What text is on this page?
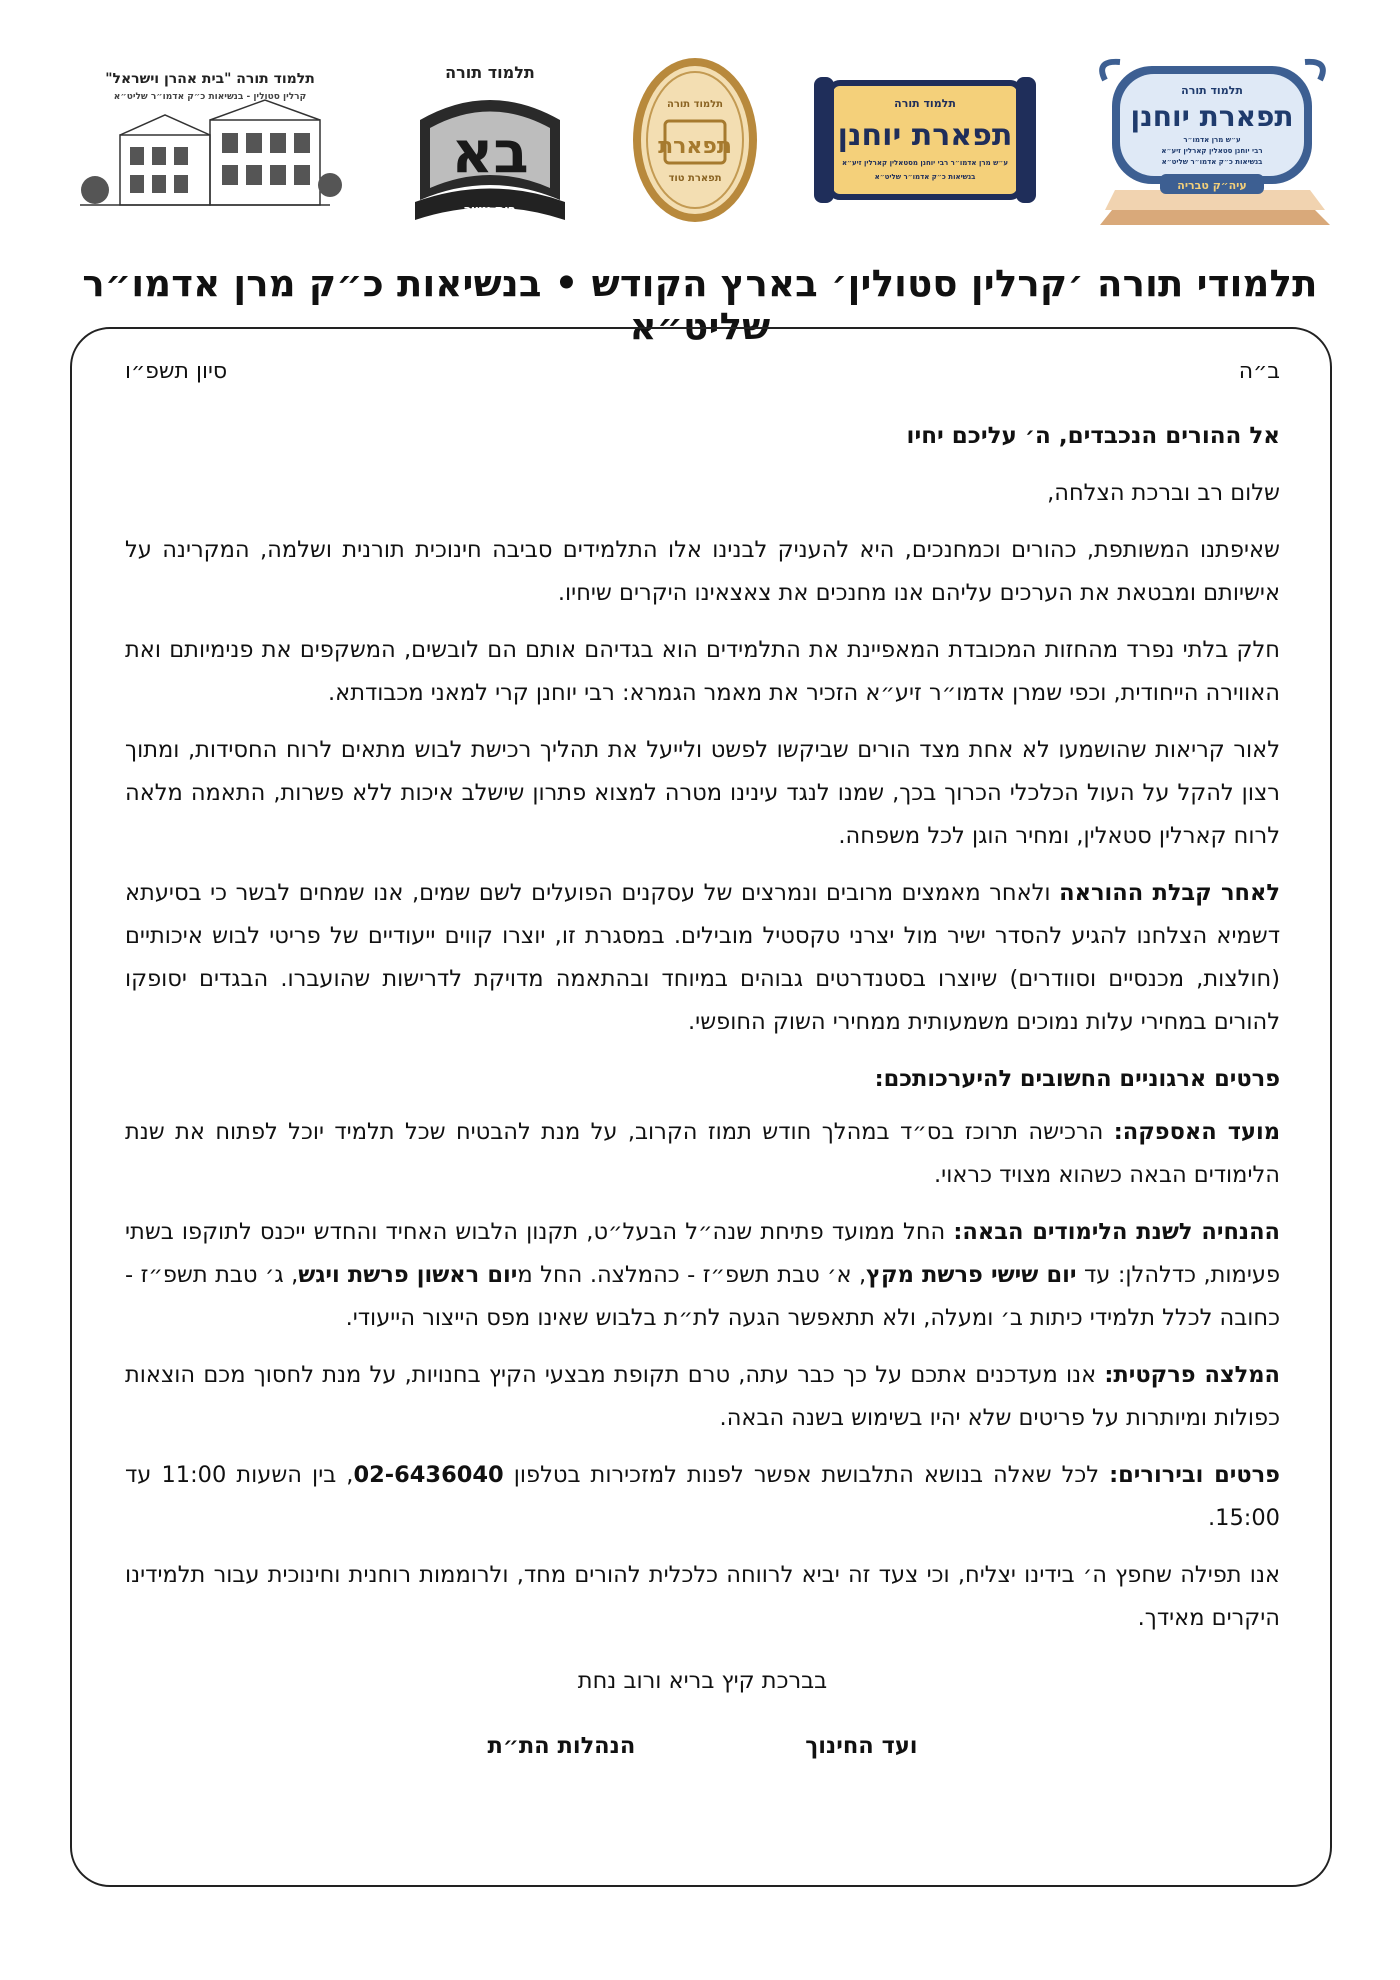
תלמוד תורה "בית אהרן וישראל"
קרלין סטולין - בנשיאות כ״ק אדמו״ר שליט״א
תלמוד תורה
בא
בית אשר
תלמוד תורה
תפארת
תפארת טוד
תלמוד תורה
תפארת יוחנן
ע״ש מרן אדמו״ר רבי יוחנן מסטאלין קארלין זיע״א
בנשיאות כ״ק אדמו״ר שליט״א
תלמוד תורה
תפארת יוחנן
ע״ש מרן אדמו״ר
רבי יוחנן סטאלין קארלין זיע״א
בנשיאות כ״ק אדמו״ר שליט״א
עיה״ק טבריה
תלמודי תורה ׳קרלין סטולין׳ בארץ הקודש • בנשיאות כ״ק מרן אדמו״ר שליט״א
ב״ה
סיון תשפ״ו
אל ההורים הנכבדים, ה׳ עליכם יחיו

שלום רב וברכת הצלחה,

שאיפתנו המשותפת, כהורים וכמחנכים, היא להעניק לבנינו אלו התלמידים סביבה חינוכית תורנית ושלמה, המקרינה על אישיותם ומבטאת את הערכים עליהם אנו מחנכים את צאצאינו היקרים שיחיו.

חלק בלתי נפרד מהחזות המכובדת המאפיינת את התלמידים הוא בגדיהם אותם הם לובשים, המשקפים את פנימיותם ואת האווירה הייחודית, וכפי שמרן אדמו״ר זיע״א הזכיר את מאמר הגמרא: רבי יוחנן קרי למאני מכבודתא.

לאור קריאות שהושמעו לא אחת מצד הורים שביקשו לפשט ולייעל את תהליך רכישת לבוש מתאים לרוח החסידות, ומתוך רצון להקל על העול הכלכלי הכרוך בכך, שמנו לנגד עינינו מטרה למצוא פתרון שישלב איכות ללא פשרות, התאמה מלאה לרוח קארלין סטאלין, ומחיר הוגן לכל משפחה.

לאחר קבלת ההוראה ולאחר מאמצים מרובים ונמרצים של עסקנים הפועלים לשם שמים, אנו שמחים לבשר כי בסיעתא דשמיא הצלחנו להגיע להסדר ישיר מול יצרני טקסטיל מובילים. במסגרת זו, יוצרו קווים ייעודיים של פריטי לבוש איכותיים (חולצות, מכנסיים וסוודרים) שיוצרו בסטנדרטים גבוהים במיוחד ובהתאמה מדויקת לדרישות שהועברו. הבגדים יסופקו להורים במחירי עלות נמוכים משמעותית ממחירי השוק החופשי.

פרטים ארגוניים החשובים להיערכותכם:

מועד האספקה: הרכישה תרוכז בס״ד במהלך חודש תמוז הקרוב, על מנת להבטיח שכל תלמיד יוכל לפתוח את שנת הלימודים הבאה כשהוא מצויד כראוי.

ההנחיה לשנת הלימודים הבאה: החל ממועד פתיחת שנה״ל הבעל״ט, תקנון הלבוש האחיד והחדש ייכנס לתוקפו בשתי פעימות, כדלהלן: עד יום שישי פרשת מקץ, א׳ טבת תשפ״ז - כהמלצה. החל מיום ראשון פרשת ויגש, ג׳ טבת תשפ״ז - כחובה לכלל תלמידי כיתות ב׳ ומעלה, ולא תתאפשר הגעה לת״ת בלבוש שאינו מפס הייצור הייעודי.

המלצה פרקטית: אנו מעדכנים אתכם על כך כבר עתה, טרם תקופת מבצעי הקיץ בחנויות, על מנת לחסוך מכם הוצאות כפולות ומיותרות על פריטים שלא יהיו בשימוש בשנה הבאה.

פרטים ובירורים: לכל שאלה בנושא התלבושת אפשר לפנות למזכירות בטלפון 02-6436040, בין השעות 11:00 עד 15:00.

אנו תפילה שחפץ ה׳ בידינו יצליח, וכי צעד זה יביא לרווחה כלכלית להורים מחד, ולרוממות רוחנית וחינוכית עבור תלמידינו היקרים מאידך.

בברכת קיץ בריא ורוב נחת
ועד החינוך
הנהלות הת״ת
